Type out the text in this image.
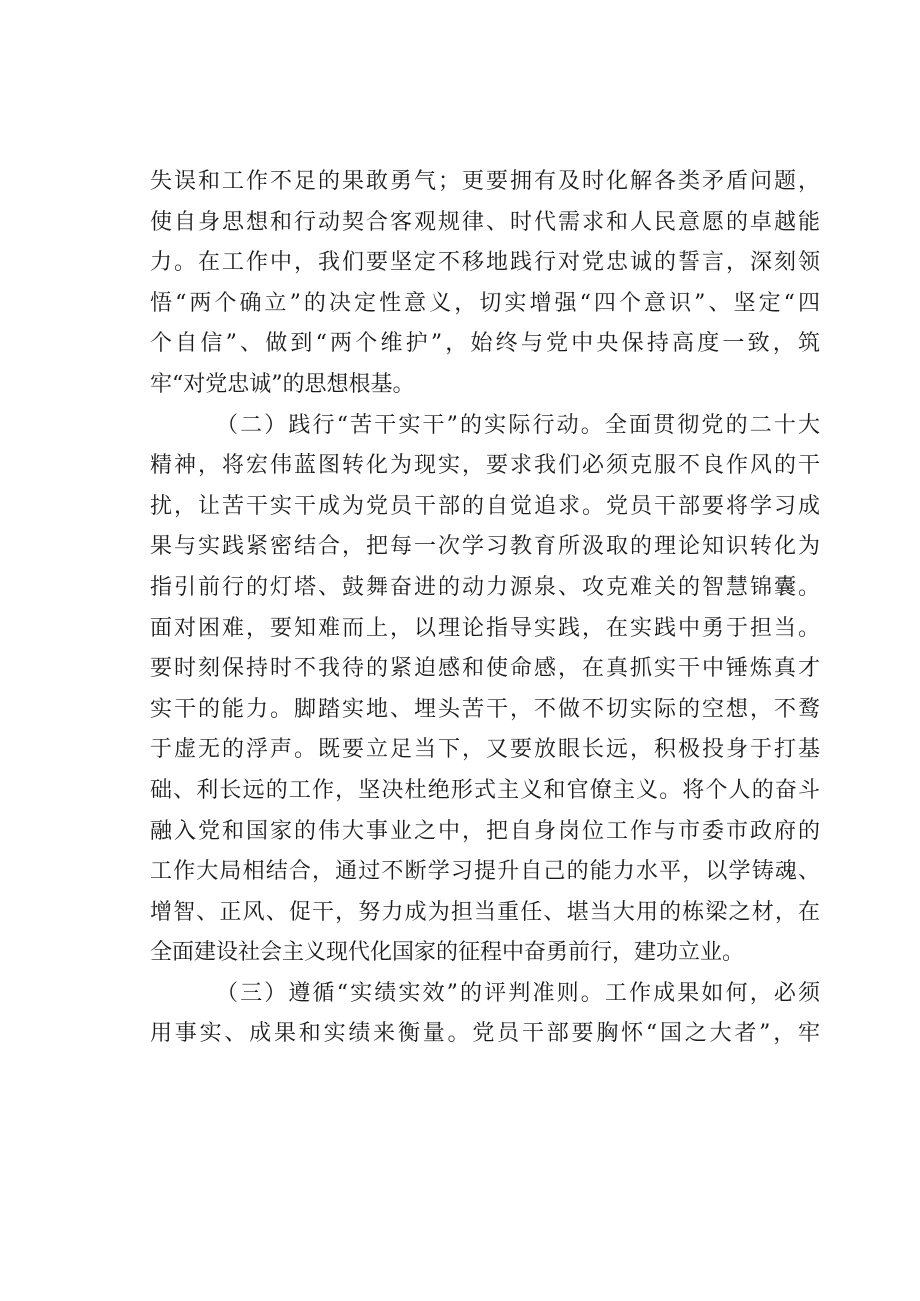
失误和工作不足的果敢勇气；更要拥有及时化解各类矛盾问题，
使自身思想和行动契合客观规律、时代需求和人民意愿的卓越能
力。在工作中，我们要坚定不移地践行对党忠诚的誓言，深刻领
悟“两个确立”的决定性意义，切实增强“四个意识”、坚定“四
个自信”、做到“两个维护”，始终与党中央保持高度一致，筑
牢“对党忠诚”的思想根基。
（二）践行“苦干实干”的实际行动。全面贯彻党的二十大
精神，将宏伟蓝图转化为现实，要求我们必须克服不良作风的干
扰，让苦干实干成为党员干部的自觉追求。党员干部要将学习成
果与实践紧密结合，把每一次学习教育所汲取的理论知识转化为
指引前行的灯塔、鼓舞奋进的动力源泉、攻克难关的智慧锦囊。
面对困难，要知难而上，以理论指导实践，在实践中勇于担当。
要时刻保持时不我待的紧迫感和使命感，在真抓实干中锤炼真才
实干的能力。脚踏实地、埋头苦干，不做不切实际的空想，不鹜
于虚无的浮声。既要立足当下，又要放眼长远，积极投身于打基
础、利长远的工作，坚决杜绝形式主义和官僚主义。将个人的奋斗
融入党和国家的伟大事业之中，把自身岗位工作与市委市政府的
工作大局相结合，通过不断学习提升自己的能力水平，以学铸魂、
增智、正风、促干，努力成为担当重任、堪当大用的栋梁之材，在
全面建设社会主义现代化国家的征程中奋勇前行，建功立业。
（三）遵循“实绩实效”的评判准则。工作成果如何，必须
用事实、成果和实绩来衡量。党员干部要胸怀“国之大者”，牢
